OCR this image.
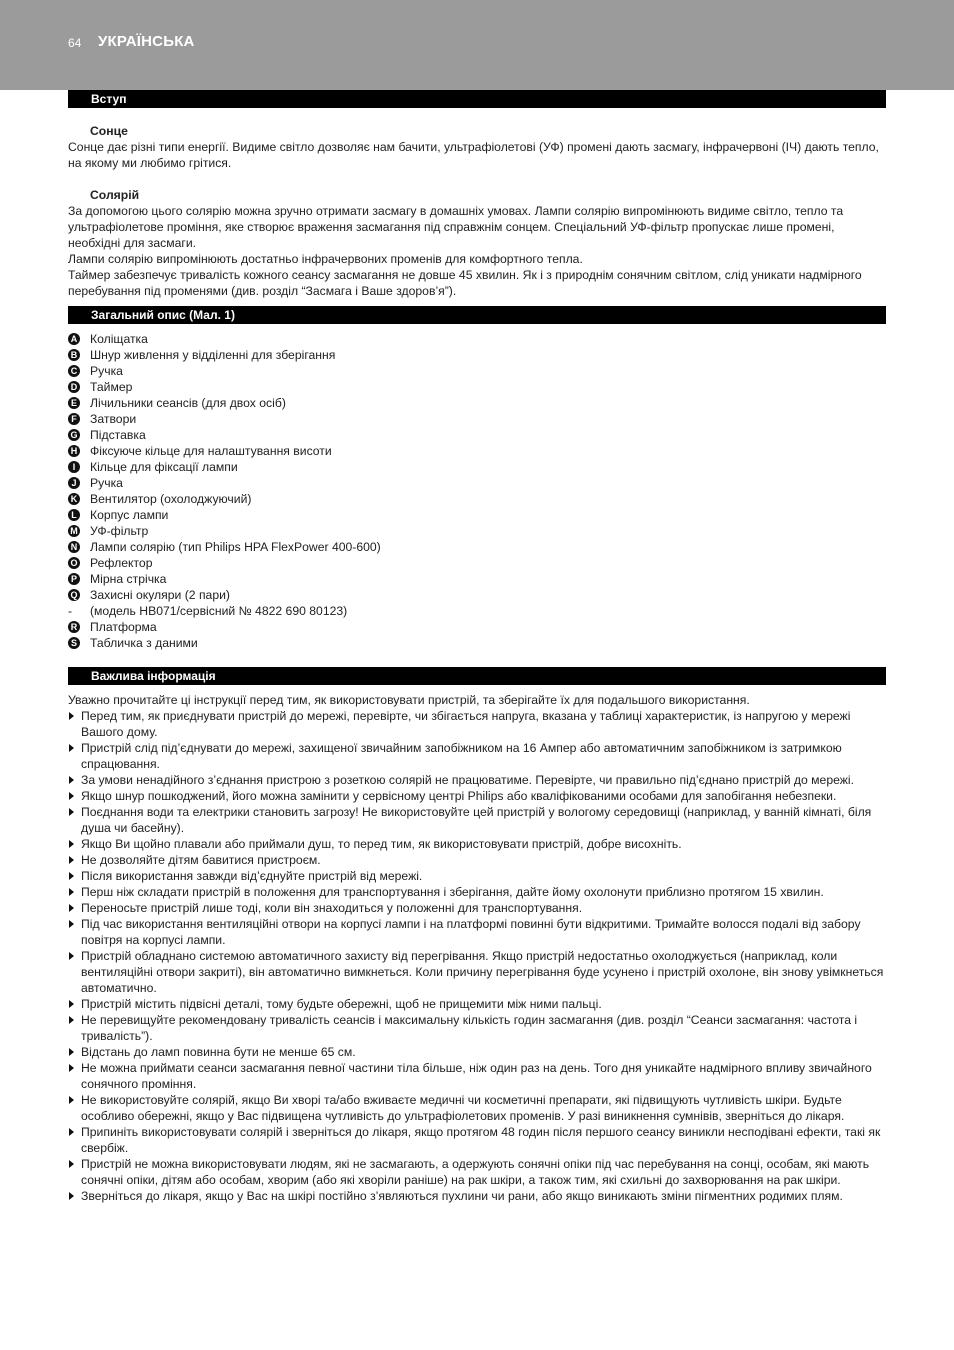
64 УКРАЇНСЬКА
Вступ
Сонце

Сонце дає різні типи енергії. Видиме світло дозволяє нам бачити, ультрафіолетові (УФ) промені дають засмагу, інфрачервоні (ІЧ) дають тепло, на якому ми любимо грітися.

Солярій

За допомогою цього солярію можна зручно отримати засмагу в домашніх умовах. Лампи солярію випромінюють видиме світло, тепло та ультрафіолетове проміння, яке створює враження засмагання під справжнім сонцем. Спеціальний УФ-фільтр пропускає лише промені, необхідні для засмаги.

Лампи солярію випромінюють достатньо інфрачервоних променів для комфортного тепла.

Таймер забезпечує тривалість кожного сеансу засмагання не довше 45 хвилин. Як і з природнім сонячним світлом, слід уникати надмірного перебування під променями (див. розділ “Засмага і Ваше здоров’я”).

Загальний опис (Мал. 1)
A Коліщатка
B Шнур живлення у відділенні для зберігання
C Ручка
D Таймер
E Лічильники сеансів (для двох осіб)
F Затвори
G Підставка
H Фіксуюче кільце для налаштування висоти
I	Кільце для фіксації лампи
J Ручка
K Вентилятор (охолоджуючий)
L Корпус лампи
M УФ-фільтр
N Лампи солярію (тип Philips HPA FlexPower 400-600)
O Рефлектор
P Мірна стрічка
Q Захисні окуляри (2 пари)
-	(модель HB071/сервісний № 4822 690 80123)
R Платформа
S Табличка з даними
Важлива інформація
Уважно прочитайте ці інструкції перед тим, як використовувати пристрій, та зберігайте їх для подальшого використання.
Перед тим, як приєднувати пристрій до мережі, перевірте, чи збігається напруга, вказана у таблиці характеристик, із напругою у мережі Вашого дому.
Пристрій слід під’єднувати до мережі, захищеної звичайним запобіжником на 16 Ампер або автоматичним запобіжником із затримкою спрацювання.
За умови ненадійного з’єднання пристрою з розеткою солярій не працюватиме. Перевірте, чи правильно під’єднано пристрій до мережі.
Якщо шнур пошкоджений, його можна замінити у сервісному центрі Philips або кваліфікованими особами для запобігання небезпеки.
Поєднання води та електрики становить загрозу! Не використовуйте цей пристрій у вологому середовищі (наприклад, у ванній кімнаті, біля душа чи басейну).
Якщо Ви щойно плавали або приймали душ, то перед тим, як використовувати пристрій, добре висохніть.
Не дозволяйте дітям бавитися пристроєм.
Після використання завжди від’єднуйте пристрій від мережі.
Перш ніж складати пристрій в положення для транспортування і зберігання, дайте йому охолонути приблизно протягом 15 хвилин.
Переносьте пристрій лише тоді, коли він знаходиться у положенні для транспортування.
Під час використання вентиляційні отвори на корпусі лампи і на платформі повинні бути відкритими. Тримайте волосся подалі від забору повітря на корпусі лампи.
Пристрій обладнано системою автоматичного захисту від перегрівання. Якщо пристрій недостатньо охолоджується (наприклад, коли вентиляційні отвори закриті), він автоматично вимкнеться. Коли причину перегрівання буде усунено і пристрій охолоне, він знову увімкнеться автоматично.
Пристрій містить підвісні деталі, тому будьте обережні, щоб не прищемити між ними пальці.
Не перевищуйте рекомендовану тривалість сеансів і максимальну кількість годин засмагання (див. розділ “Сеанси засмагання: частота і тривалість”).
Відстань до ламп повинна бути не менше 65 см.
Не можна приймати сеанси засмагання певної частини тіла більше, ніж один раз на день. Того дня уникайте надмірного впливу звичайного сонячного проміння.
Не використовуйте солярій, якщо Ви хворі та/або вживаєте медичні чи косметичні препарати, які підвищують чутливість шкіри. Будьте особливо обережні, якщо у Вас підвищена чутливість до ультрафіолетових променів. У разі виникнення сумнівів, зверніться до лікаря.
Припиніть використовувати солярій і зверніться до лікаря, якщо протягом 48 годин після першого сеансу виникли несподівані ефекти, такі як свербіж.
Пристрій не можна використовувати людям, які не засмагають, а одержують сонячні опіки під час перебування на сонці, особам, які мають сонячні опіки, дітям або особам, хворим (або які хворіли раніше) на рак шкіри, а також тим, які схильні до захворювання на рак шкіри.
Зверніться до лікаря, якщо у Вас на шкірі постійно з’являються пухлини чи рани, або якщо виникають зміни пігментних родимих плям.
